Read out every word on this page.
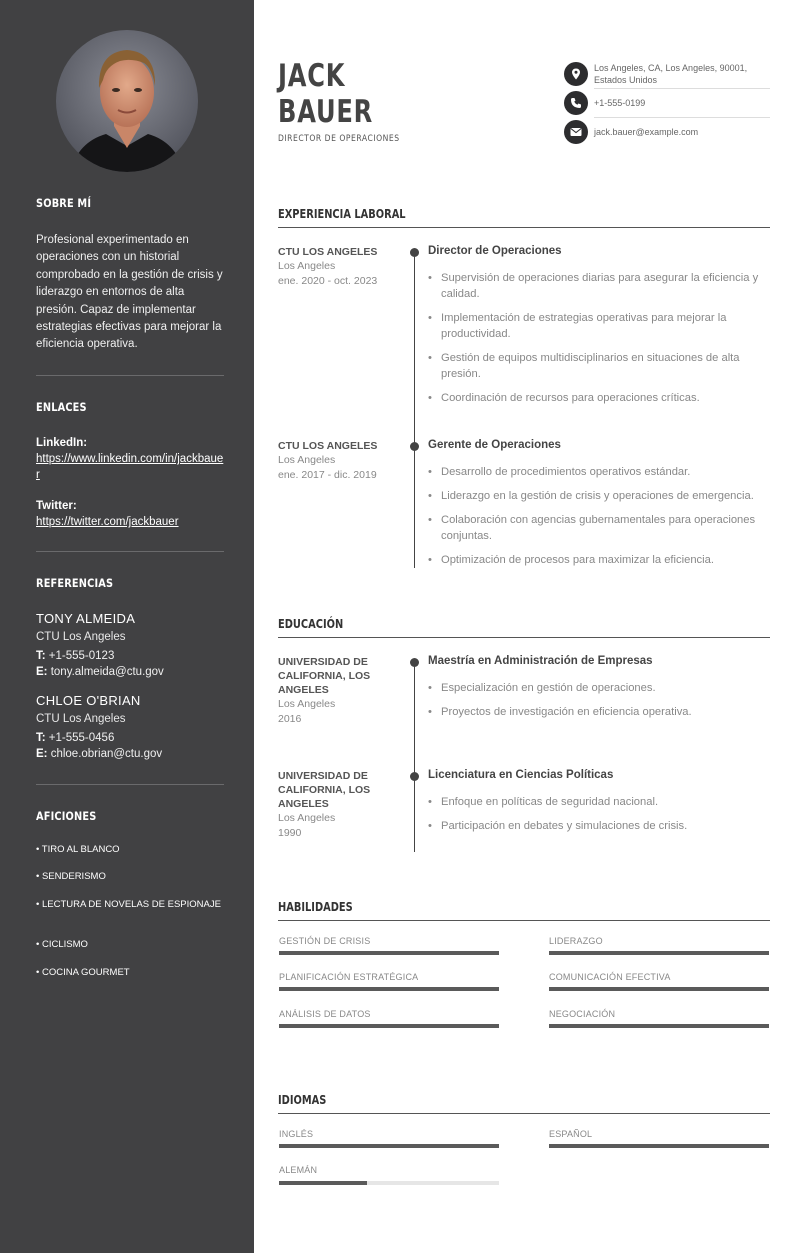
SOBRE MÍ
Profesional experimentado en operaciones con un historial comprobado en la gestión de crisis y liderazgo en entornos de alta presión. Capaz de implementar estrategias efectivas para mejorar la eficiencia operativa.
ENLACES
LinkedIn:
https://www.linkedin.com/in/jackbauer
Twitter:
https://twitter.com/jackbauer
REFERENCIAS
TONY ALMEIDA
CTU Los Angeles
T: +1-555-0123
E: tony.almeida@ctu.gov
CHLOE O'BRIAN
CTU Los Angeles
T: +1-555-0456
E: chloe.obrian@ctu.gov
AFICIONES
• TIRO AL BLANCO
• SENDERISMO
• LECTURA DE NOVELAS DE ESPIONAJE
• CICLISMO
• COCINA GOURMET
JACK
BAUER
DIRECTOR DE OPERACIONES
Los Angeles, CA, Los Angeles, 90001, Estados Unidos
+1-555-0199
jack.bauer@example.com
EXPERIENCIA LABORAL
CTU LOS ANGELES
Los Angeles
ene. 2020 - oct. 2023
Director de Operaciones
• Supervisión de operaciones diarias para asegurar la eficiencia y calidad.
• Implementación de estrategias operativas para mejorar la productividad.
• Gestión de equipos multidisciplinarios en situaciones de alta presión.
• Coordinación de recursos para operaciones críticas.
CTU LOS ANGELES
Los Angeles
ene. 2017 - dic. 2019
Gerente de Operaciones
• Desarrollo de procedimientos operativos estándar.
• Liderazgo en la gestión de crisis y operaciones de emergencia.
• Colaboración con agencias gubernamentales para operaciones conjuntas.
• Optimización de procesos para maximizar la eficiencia.
EDUCACIÓN
UNIVERSIDAD DE CALIFORNIA, LOS ANGELES
Los Angeles
2016
Maestría en Administración de Empresas
• Especialización en gestión de operaciones.
• Proyectos de investigación en eficiencia operativa.
UNIVERSIDAD DE CALIFORNIA, LOS ANGELES
Los Angeles
1990
Licenciatura en Ciencias Políticas
• Enfoque en políticas de seguridad nacional.
• Participación en debates y simulaciones de crisis.
HABILIDADES
GESTIÓN DE CRISIS	LIDERAZGO
PLANIFICACIÓN ESTRATÉGICA	COMUNICACIÓN EFECTIVA
ANÁLISIS DE DATOS	NEGOCIACIÓN
IDIOMAS
INGLÉS	ESPAÑOL
ALEMÁN
